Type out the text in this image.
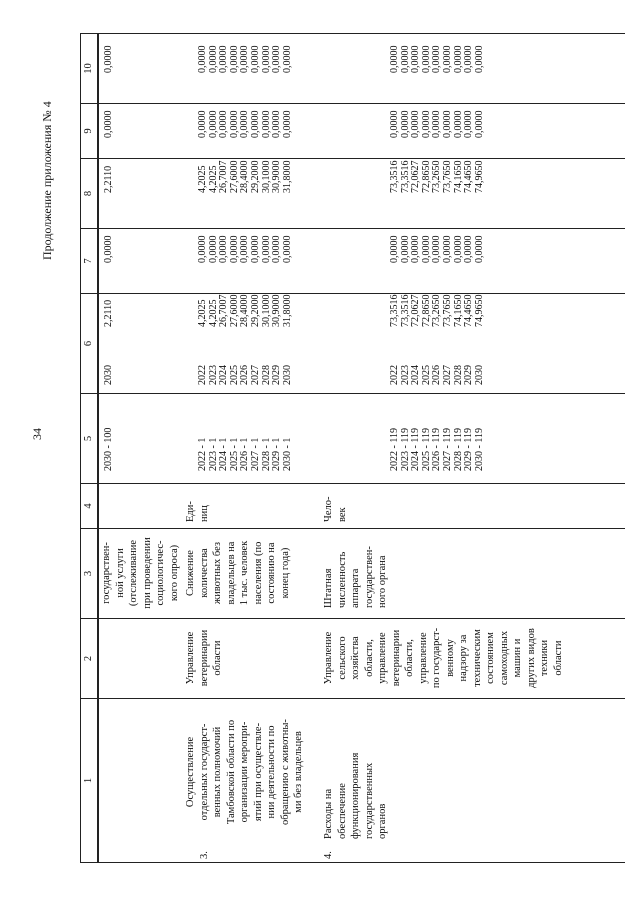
34
Продолжение приложения № 4
1
2
3
4
5
6
7
8
9
10
государствен- ной услуги (отслеживание при проведении социологичес- кого опроса)
2030 - 100
2030
2,2110
0,0000
2,2110
0,0000
0,0000
3.
Осуществление отдельных государст- венных полномочий Тамбовской области по организации меропри- ятий при осуществле- нии деятельности по обращению с животны- ми без владельцев
Управление ветеринарии области
Снижение количества животных без владельцев на 1 тыс. человек населения (по состоянию на конец года)
Еди- ниц
2022 - 1
2023 - 1
2024 - 1
2025 - 1
2026 - 1
2027 - 1
2028 - 1
2029 - 1
2030 - 1
2022
2023
2024
2025
2026
2027
2028
2029
2030
4,2025
4,2025
26,7007
27,6000
28,4000
29,2000
30,1000
30,9000
31,8000
0,0000
0,0000
0,0000
0,0000
0,0000
0,0000
0,0000
0,0000
0,0000
4,2025
4,2025
26,7007
27,6000
28,4000
29,2000
30,1000
30,9000
31,8000
0,0000
0,0000
0,0000
0,0000
0,0000
0,0000
0,0000
0,0000
0,0000
0,0000
0,0000
0,0000
0,0000
0,0000
0,0000
0,0000
0,0000
0,0000
4.
Расходы на обеспечение функционирования государственных органов
Управление сельского хозяйства области, управление ветеринарии области, управление по государст- венному надзору за техническим состоянием самоходных машин и других видов техники области
Штатная численность аппарата государствен- ного органа
Чело- век
2022 - 119
2023 - 119
2024 - 119
2025 - 119
2026 - 119
2027 - 119
2028 - 119
2029 - 119
2030 - 119
2022
2023
2024
2025
2026
2027
2028
2029
2030
73,3516
73,3516
72,0627
72,8650
73,2650
73,7650
74,1650
74,4650
74,9650
0,0000
0,0000
0,0000
0,0000
0,0000
0,0000
0,0000
0,0000
0,0000
73,3516
73,3516
72,0627
72,8650
73,2650
73,7650
74,1650
74,4650
74,9650
0,0000
0,0000
0,0000
0,0000
0,0000
0,0000
0,0000
0,0000
0,0000
0,0000
0,0000
0,0000
0,0000
0,0000
0,0000
0,0000
0,0000
0,0000
